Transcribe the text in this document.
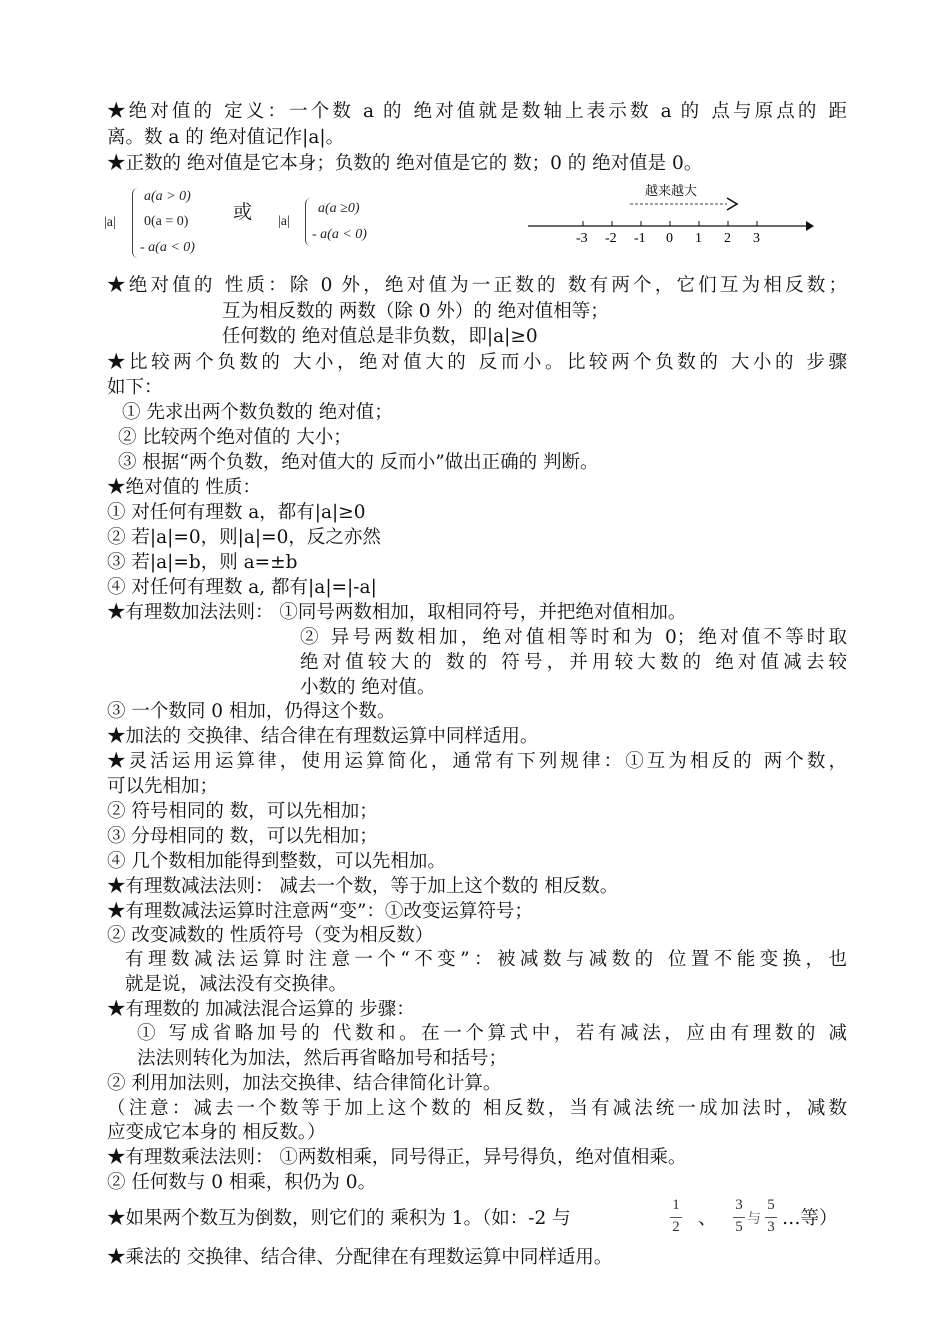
★绝对值的 定义：一个数 a 的 绝对值就是数轴上表示数 a 的 点与原点的 距
离。数 a 的 绝对值记作|a|。
★正数的 绝对值是它本身；负数的 绝对值是它的 数；0 的 绝对值是 0。
|a|
a(a > 0)
0(a = 0)
- a(a < 0)
或 |a|
a(a ≥0)
- a(a < 0)
越来越大
-3 -2 -1 0 1 2 3
★绝对值的 性质：除 0 外，绝对值为一正数的 数有两个，它们互为相反数；
互为相反数的 两数（除 0 外）的 绝对值相等；
任何数的 绝对值总是非负数，即|a|≥0
★比较两个负数的 大小，绝对值大的 反而小。比较两个负数的 大小的 步骤
如下：
① 先求出两个数负数的 绝对值；
② 比较两个绝对值的 大小；
③ 根据“两个负数，绝对值大的 反而小”做出正确的 判断。
★绝对值的 性质：
① 对任何有理数 a，都有|a|≥0
② 若|a|=0，则|a|=0，反之亦然
③ 若|a|=b，则 a=±b
④ 对任何有理数 a, 都有|a|=|-a|
★有理数加法法则： ①同号两数相加，取相同符号，并把绝对值相加。
② 异号两数相加，绝对值相等时和为 0；绝对值不等时取
绝对值较大的 数的 符号，并用较大数的 绝对值减去较
小数的 绝对值。
③ 一个数同 0 相加，仍得这个数。
★加法的 交换律、结合律在有理数运算中同样适用。
★灵活运用运算律，使用运算简化，通常有下列规律：①互为相反的 两个数，
可以先相加；
② 符号相同的 数，可以先相加；
③ 分母相同的 数，可以先相加；
④ 几个数相加能得到整数，可以先相加。
★有理数减法法则： 减去一个数，等于加上这个数的 相反数。
★有理数减法运算时注意两“变”：①改变运算符号；
② 改变减数的 性质符号（变为相反数）
有理数减法运算时注意一个“不变”：被减数与减数的 位置不能变换，也
就是说，减法没有交换律。
★有理数的 加减法混合运算的 步骤：
① 写成省略加号的 代数和。在一个算式中，若有减法，应由有理数的 减
法法则转化为加法，然后再省略加号和括号；
② 利用加法则，加法交换律、结合律简化计算。
（注意：减去一个数等于加上这个数的 相反数，当有减法统一成加法时，减数
应变成它本身的 相反数。）
★有理数乘法法则： ①两数相乘，同号得正，异号得负，绝对值相乘。
② 任何数与 0 相乘，积仍为 0。
★如果两个数互为倒数，则它们的 乘积为 1。（如：-2 与
1
2 、
3
5 与
5
3 …等）
★乘法的 交换律、结合律、分配律在有理数运算中同样适用。
